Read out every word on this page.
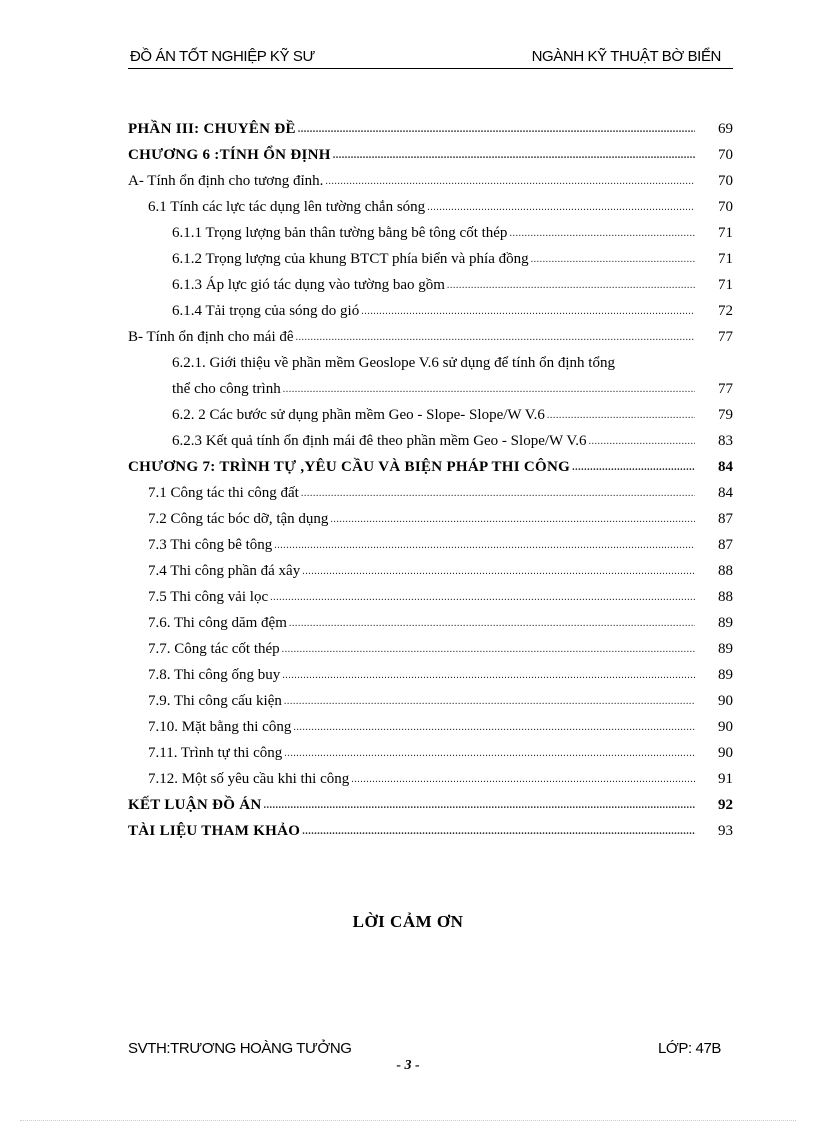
ĐỒ ÁN TỐT NGHIỆP KỸ SƯ	NGÀNH KỸ THUẬT BỜ BIỂN
PHẦN III: CHUYÊN ĐỀ .....	69
CHƯƠNG 6 :TÍNH ỔN ĐỊNH .....	70
A- Tính ổn định cho tương đỉnh. .....	70
6.1 Tính các lực tác dụng lên tường chắn sóng .....	70
6.1.1 Trọng lượng bản thân tường bằng bê tông cốt thép .....	71
6.1.2 Trọng lượng của khung BTCT phía biển và phía đồng .....	71
6.1.3 Áp lực gió tác dụng vào tường bao gồm .....	71
6.1.4 Tải trọng của sóng do gió .....	72
B- Tính ổn định cho mái đê .....	77
6.2.1. Giới thiệu về phần mềm Geoslope V.6 sử dụng để tính ổn định tổng
thể cho công trình .....	77
6.2. 2 Các bước sử dụng phần mềm Geo - Slope- Slope/W V.6 .....	79
6.2.3 Kết quả tính ổn định mái đê theo phần mềm Geo - Slope/W V.6 .....	83
CHƯƠNG 7: TRÌNH TỰ ,YÊU CẦU VÀ BIỆN PHÁP THI CÔNG .....	84
7.1 Công tác thi công đất .....	84
7.2 Công tác bóc dỡ, tận dụng .....	87
7.3 Thi công bê tông .....	87
7.4 Thi công phần đá xây .....	88
7.5 Thi công vải lọc .....	88
7.6. Thi công dăm đệm .....	89
7.7. Công tác cốt thép .....	89
7.8. Thi công ống buy .....	89
7.9. Thi công cấu kiện .....	90
7.10. Mặt bằng thi công .....	90
7.11. Trình tự thi công .....	90
7.12. Một số yêu cầu khi thi công .....	91
KẾT LUẬN ĐỒ ÁN .....	92
TÀI LIỆU THAM KHẢO .....	93
LỜI CẢM ƠN
SVTH:TRƯƠNG HOÀNG TƯỞNG	LỚP: 47B
- 3 -
